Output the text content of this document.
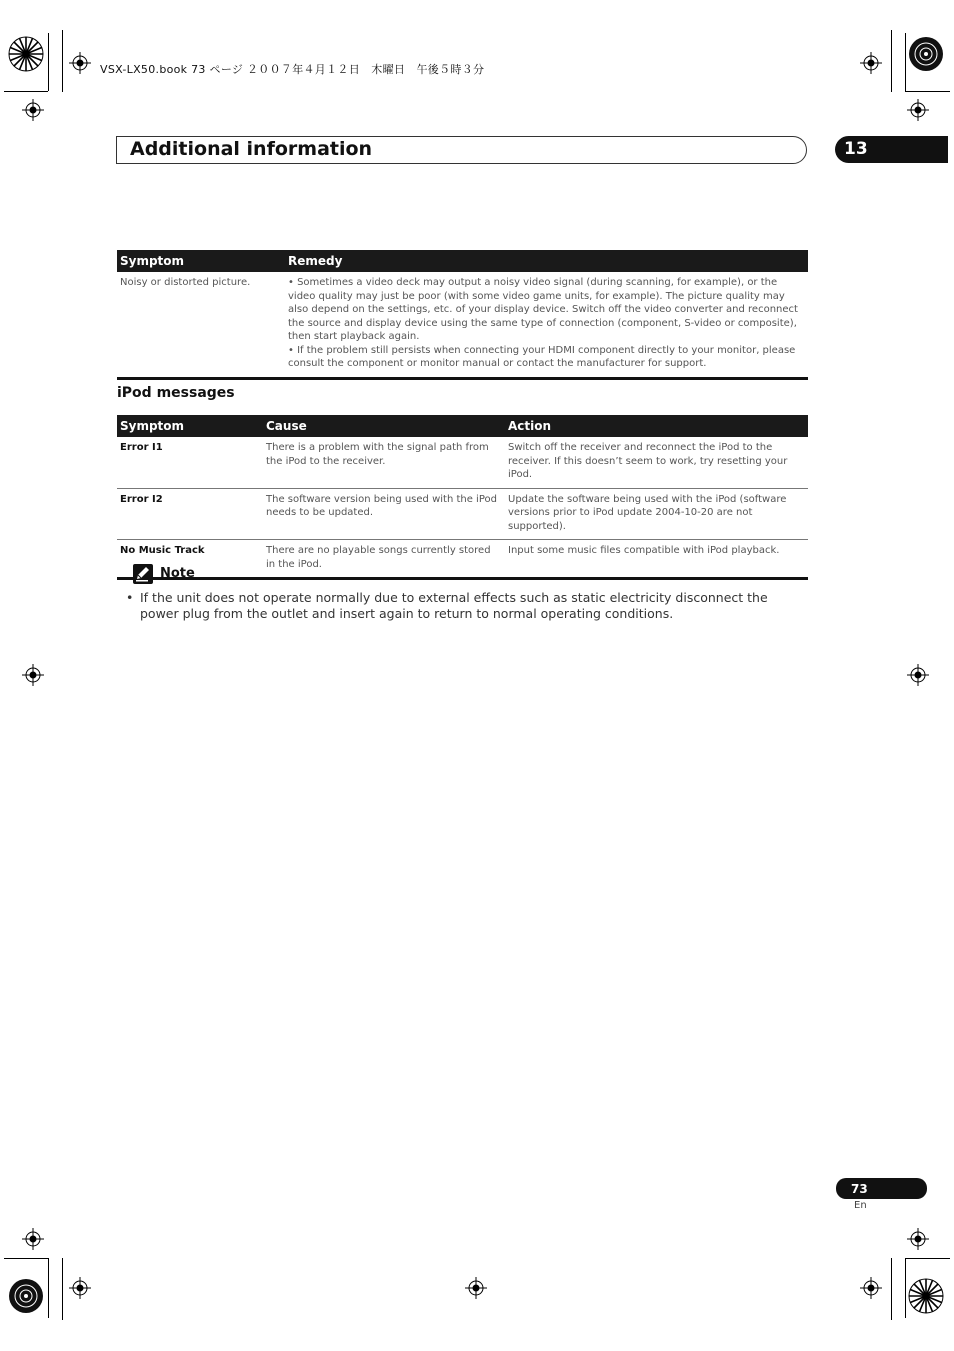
VSX-LX50.book 73 ページ ２００７年４月１２日　木曜日　午後５時３分
Additional information	13
Symptom	Remedy
Noisy or distorted picture.	• Sometimes a video deck may output a noisy video signal (during scanning, for example), or the video quality may just be poor (with some video game units, for example). The picture quality may also depend on the settings, etc. of your display device. Switch off the video converter and reconnect the source and display device using the same type of connection (component, S-video or composite), then start playback again.
• If the problem still persists when connecting your HDMI component directly to your monitor, please consult the component or monitor manual or contact the manufacturer for support.
iPod messages
Symptom	Cause	Action
Error I1	There is a problem with the signal path from the iPod to the receiver.	Switch off the receiver and reconnect the iPod to the receiver. If this doesn’t seem to work, try resetting your iPod.
Error I2	The software version being used with the iPod needs to be updated.	Update the software being used with the iPod (software versions prior to iPod update 2004-10-20 are not supported).
No Music Track	There are no playable songs currently stored in the iPod.	Input some music files compatible with iPod playback.
Note
• If the unit does not operate normally due to external effects such as static electricity disconnect the power plug from the outlet and insert again to return to normal operating conditions.
73
En
